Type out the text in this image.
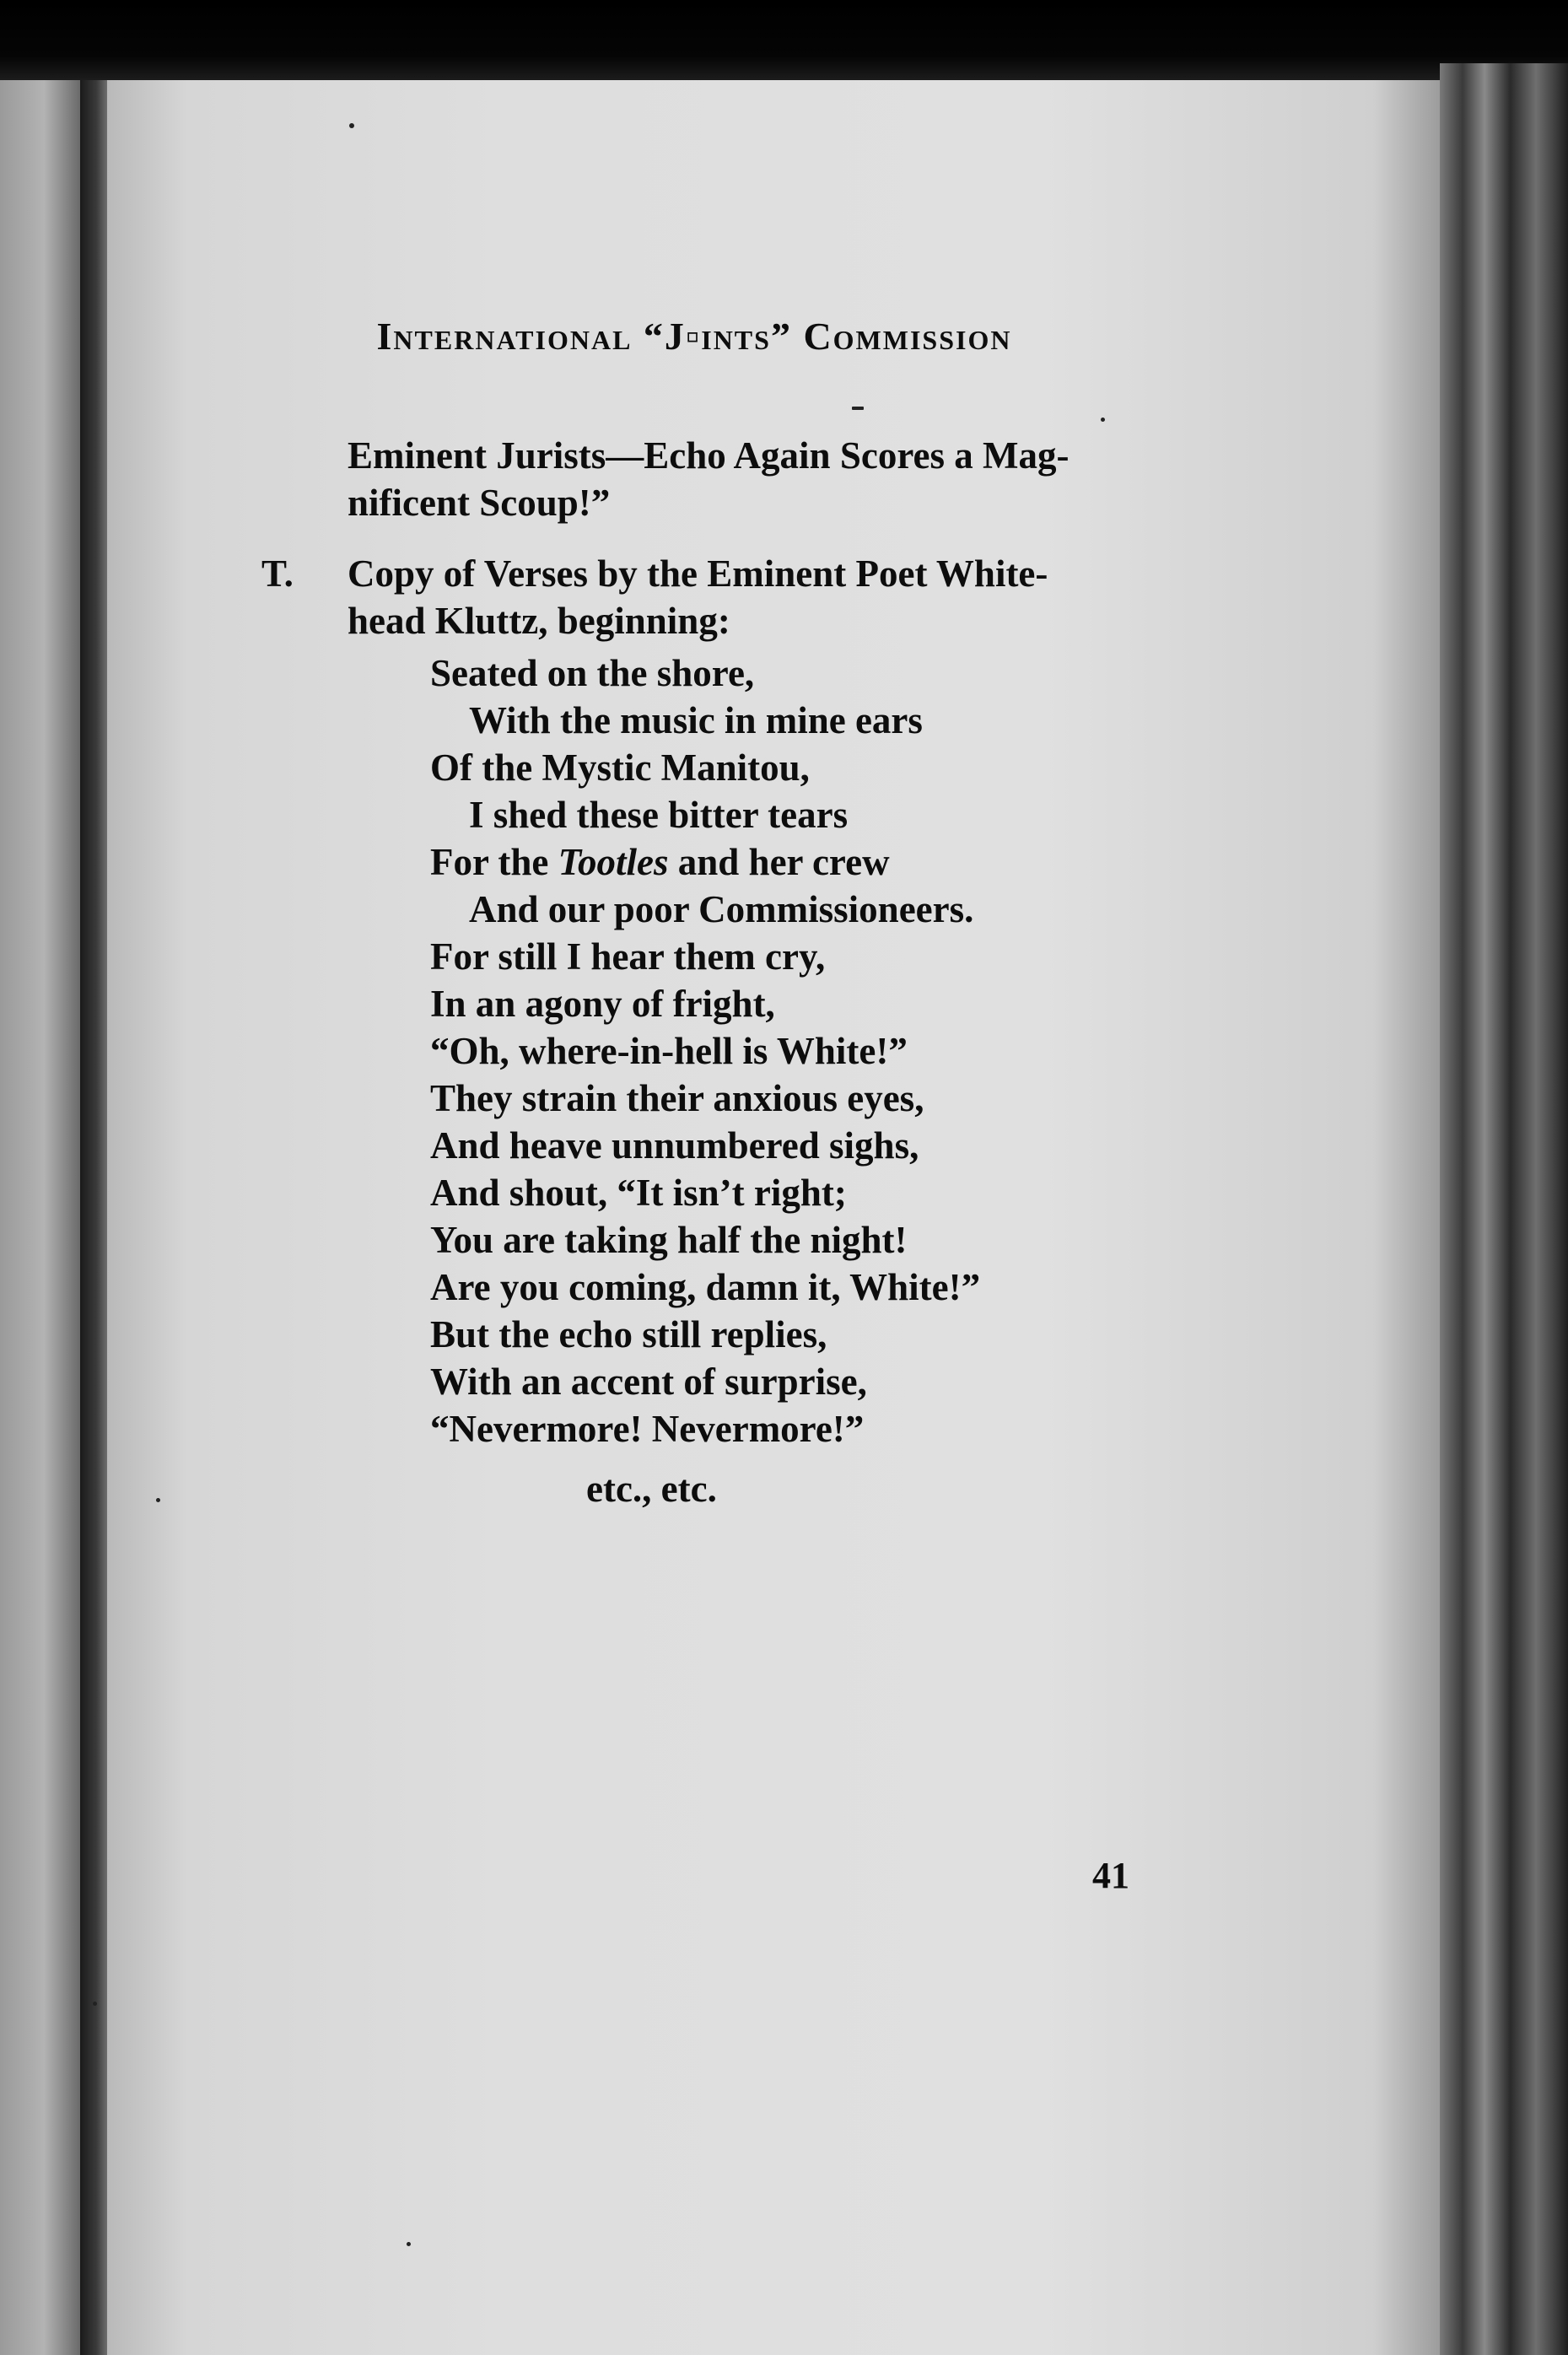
International “J▫ints” Commission
Eminent Jurists—Echo Again Scores a Mag-
nificent Scoup!”
T. Copy of Verses by the Eminent Poet White-
head Kluttz, beginning:
Seated on the shore,
With the music in mine ears
Of the Mystic Manitou,
I shed these bitter tears
For the Tootles and her crew
And our poor Commissioneers.
For still I hear them cry,
In an agony of fright,
“Oh, where-in-hell is White!”
They strain their anxious eyes,
And heave unnumbered sighs,
And shout, “It isn’t right;
You are taking half the night!
Are you coming, damn it, White!”
But the echo still replies,
With an accent of surprise,
“Nevermore! Nevermore!”
etc., etc.
41
